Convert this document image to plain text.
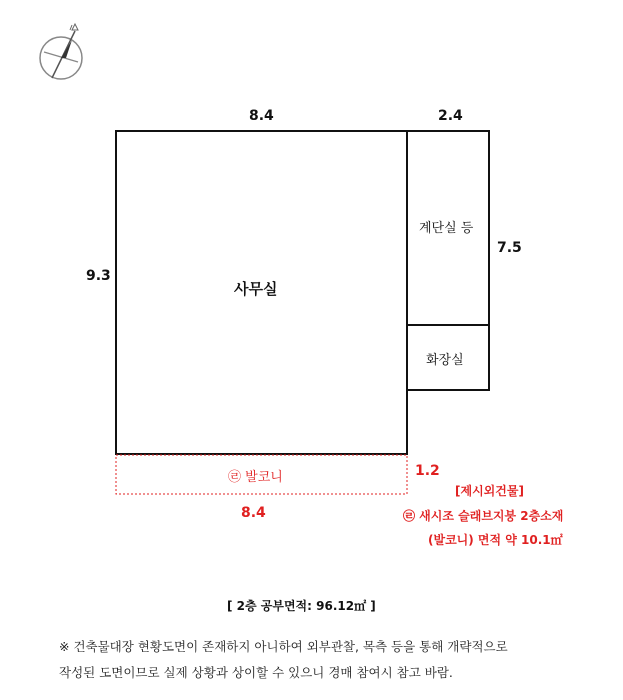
8.4	2.4
9.3
7.5
1.2
8.4
사무실
계단실 등
화장실
㉣ 발코니
[제시외건물]
㉣ 새시조 슬래브지붕 2층소재
(발코니) 면적 약 10.1㎡
[ 2층 공부면적: 96.12㎡ ]
※ 건축물대장 현황도면이 존재하지 아니하여 외부관찰, 목측 등을 통해 개략적으로
작성된 도면이므로 실제 상황과 상이할 수 있으니 경매 참여시 참고 바람.
